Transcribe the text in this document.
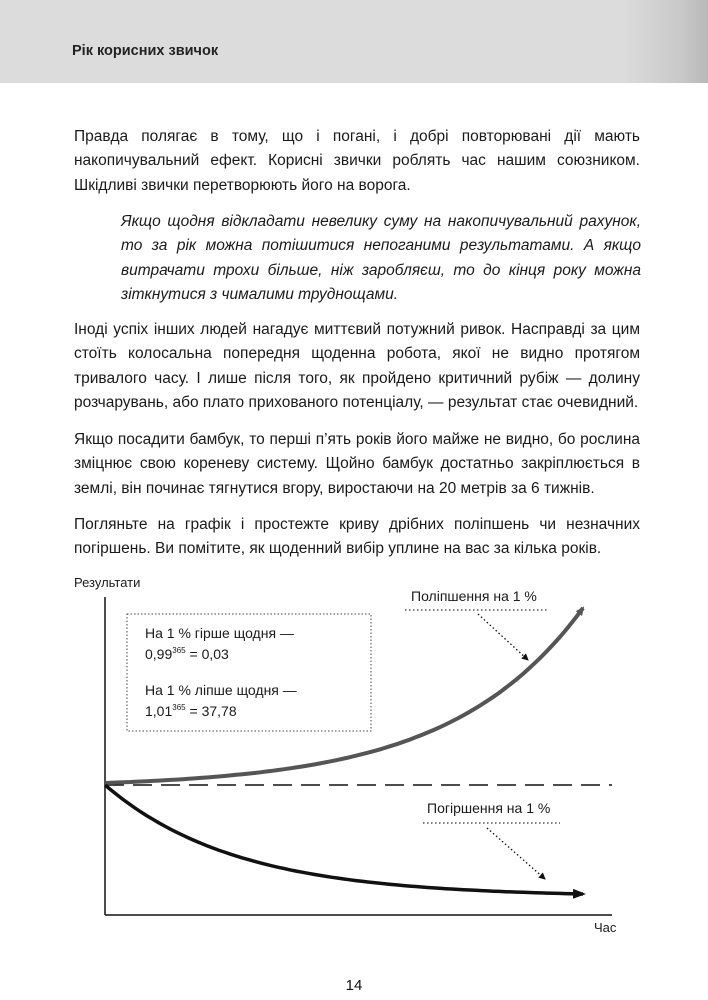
Рік корисних звичок

Правда полягає в тому, що і погані, і добрі повторювані дії мають накопичувальний ефект. Корисні звички роблять час нашим союзником. Шкідливі звички перетворюють його на ворога.

Якщо щодня відкладати невелику суму на накопичувальний рахунок, то за рік можна потішитися непоганими результатами. А якщо витрачати трохи більше, ніж заробляєш, то до кінця року можна зіткнутися з чималими труднощами.

Іноді успіх інших людей нагадує миттєвий потужний ривок. Насправді за цим стоїть колосальна попередня щоденна робота, якої не видно протягом тривалого часу. І лише після того, як пройдено критичний рубіж — долину розчарувань, або плато прихованого потенціалу, — результат стає очевидний.

Якщо посадити бамбук, то перші п’ять років його майже не видно, бо рослина зміцнює свою кореневу систему. Щойно бамбук достатньо закріплюється в землі, він починає тягнутися вгору, виростаючи на 20 метрів за 6 тижнів.

Погляньте на графік і простежте криву дрібних поліпшень чи незначних погіршень. Ви помітите, як щоденний вибір уплине на вас за кілька років.

Результати
Час
На 1 % гірше щодня —
$0,99^{365} = 0,03$
На 1 % ліпше щодня —
$1,01^{365} = 37,78$
Поліпшення на 1 %
Погіршення на 1 %
14
